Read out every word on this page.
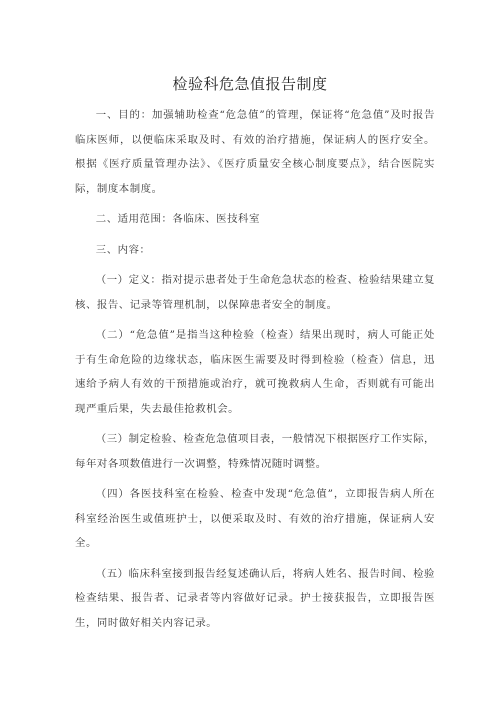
检验科危急值报告制度

一、目的：加强辅助检查“危急值”的管理，保证将“危急值”及时报告临床医师，以便临床采取及时、有效的治疗措施，保证病人的医疗安全。根据《医疗质量管理办法》、《医疗质量安全核心制度要点》，结合医院实际，制度本制度。

二、适用范围：各临床、医技科室

三、内容：

（一）定义：指对提示患者处于生命危急状态的检查、检验结果建立复核、报告、记录等管理机制，以保障患者安全的制度。

（二）“危急值”是指当这种检验（检查）结果出现时，病人可能正处于有生命危险的边缘状态，临床医生需要及时得到检验（检查）信息，迅速给予病人有效的干预措施或治疗，就可挽救病人生命，否则就有可能出现严重后果，失去最佳抢救机会。

（三）制定检验、检查危急值项目表，一般情况下根据医疗工作实际，每年对各项数值进行一次调整，特殊情况随时调整。

（四）各医技科室在检验、检查中发现“危急值”，立即报告病人所在科室经治医生或值班护士，以便采取及时、有效的治疗措施，保证病人安全。

（五）临床科室接到报告经复述确认后，将病人姓名、报告时间、检验检查结果、报告者、记录者等内容做好记录。护士接获报告，立即报告医生，同时做好相关内容记录。
